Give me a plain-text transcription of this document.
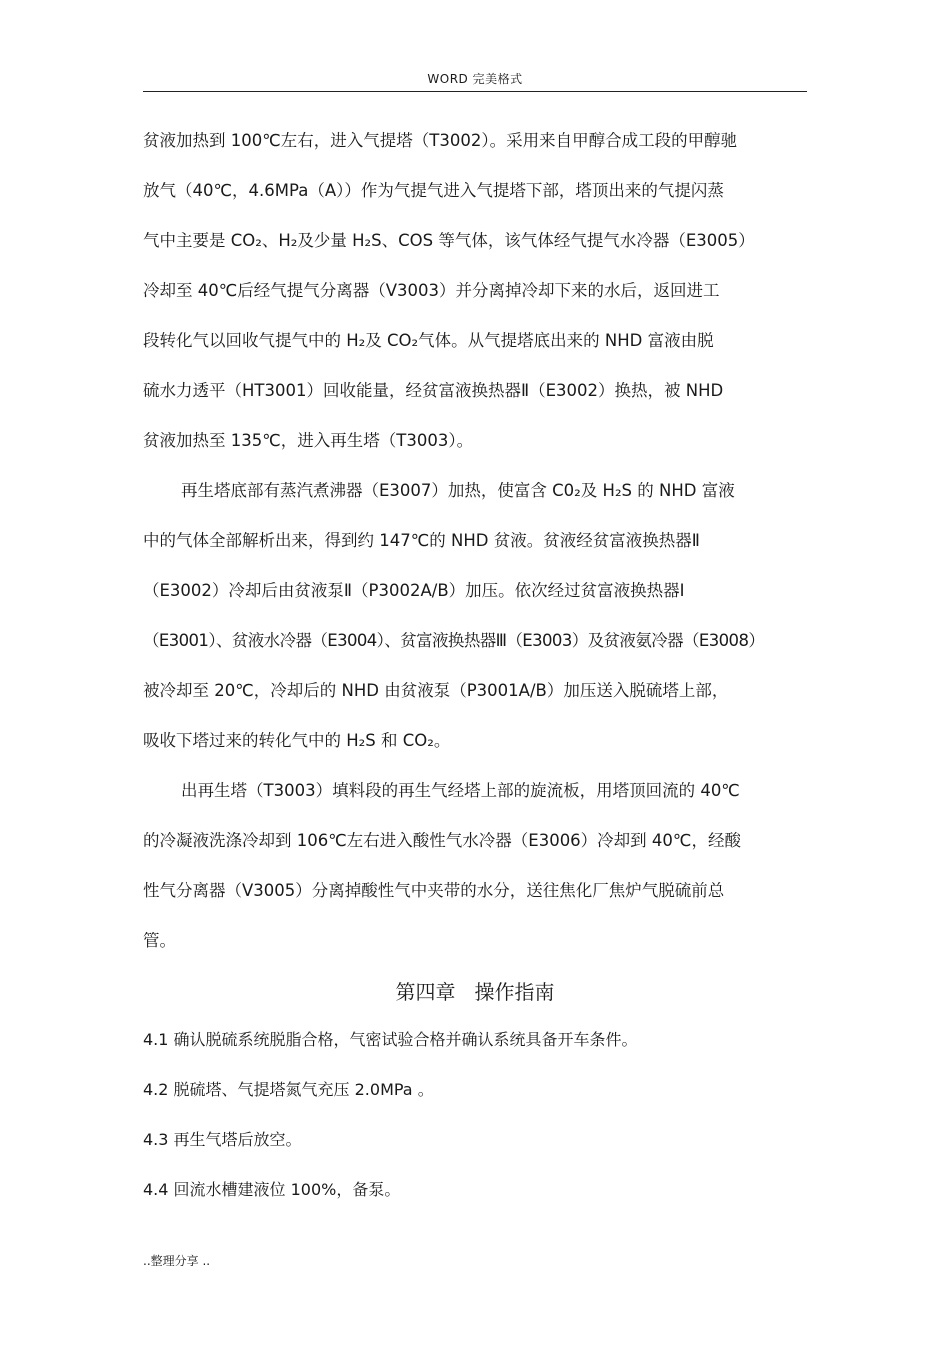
WORD 完美格式
贫液加热到 100℃左右，进入气提塔（T3002）。采用来自甲醇合成工段的甲醇驰
放气（40℃，4.6MPa（A））作为气提气进入气提塔下部，塔顶出来的气提闪蒸
气中主要是 CO₂、H₂及少量 H₂S、COS 等气体，该气体经气提气水冷器（E3005）
冷却至 40℃后经气提气分离器（V3003）并分离掉冷却下来的水后，返回进工
段转化气以回收气提气中的 H₂及 CO₂气体。从气提塔底出来的 NHD 富液由脱
硫水力透平（HT3001）回收能量，经贫富液换热器Ⅱ（E3002）换热，被 NHD
贫液加热至 135℃，进入再生塔（T3003）。
再生塔底部有蒸汽煮沸器（E3007）加热，使富含 C0₂及 H₂S 的 NHD 富液
中的气体全部解析出来，得到约 147℃的 NHD 贫液。贫液经贫富液换热器Ⅱ
（E3002）冷却后由贫液泵Ⅱ（P3002A/B）加压。依次经过贫富液换热器Ⅰ
（E3001）、贫液水冷器（E3004）、贫富液换热器Ⅲ（E3003）及贫液氨冷器（E3008）
被冷却至 20℃，冷却后的 NHD 由贫液泵（P3001A/B）加压送入脱硫塔上部，
吸收下塔过来的转化气中的 H₂S 和 CO₂。
出再生塔（T3003）填料段的再生气经塔上部的旋流板，用塔顶回流的 40℃
的冷凝液洗涤冷却到 106℃左右进入酸性气水冷器（E3006）冷却到 40℃，经酸
性气分离器（V3005）分离掉酸性气中夹带的水分，送往焦化厂焦炉气脱硫前总
管。
第四章   操作指南
4.1 确认脱硫系统脱脂合格，气密试验合格并确认系统具备开车条件。
4.2 脱硫塔、气提塔氮气充压 2.0MPa 。
4.3 再生气塔后放空。
4.4 回流水槽建液位 100%，备泵。
..整理分享 ..
